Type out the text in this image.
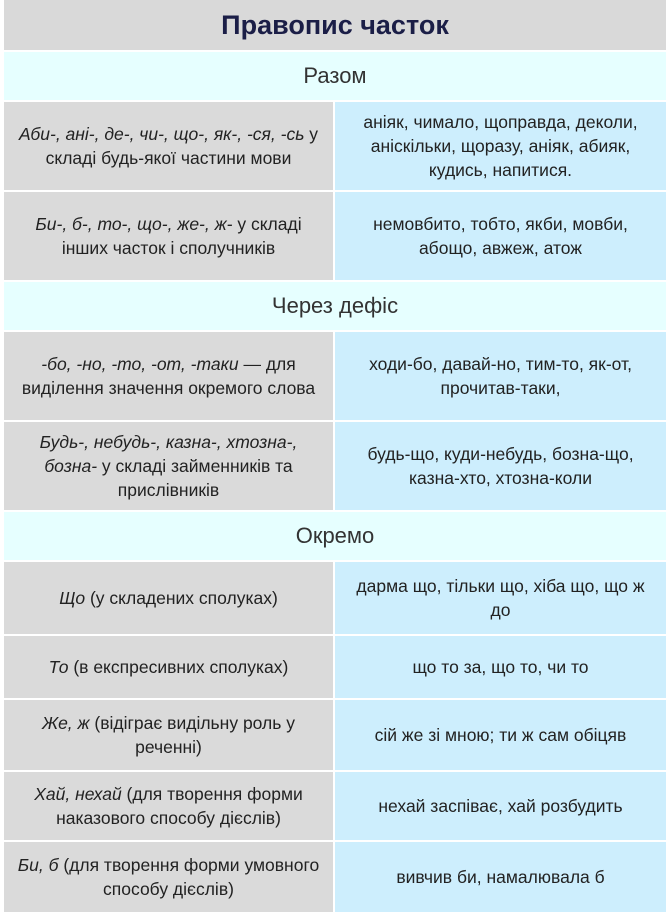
Правопис часток
Разом
Аби-, ані-, де-, чи-, що-, як-, -ся, -сь у складі будь-якої частини мови
аніяк, чимало, щоправда, деколи, аніскільки, щоразу, аніяк, абияк, кудись, напитися.
Би-, б-, то-, що-, же-, ж- у складі інших часток і сполучників
немовбито, тобто, якби, мовби, абощо, авжеж, атож
Через дефіс
-бо, -но, -то, -от, -таки — для виділення значення окремого слова
ходи-бо, давай-но, тим-то, як-от, прочитав-таки,
Будь-, небудь-, казна-, хтозна-, бозна- у складі займенників та прислівників
будь-що, куди-небудь, бозна-що, казна-хто, хтозна-коли
Окремо
Що (у складених сполуках)
дарма що, тільки що, хіба що, що ж до
То (в експресивних сполуках)	що то за, що то, чи то
Же, ж (відіграє видільну роль у реченні)
сій же зі мною; ти ж сам обіцяв
Хай, нехай (для творення форми наказового способу дієслів)
нехай заспіває, хай розбудить
Би, б (для творення форми умовного способу дієслів)
вивчив би, намалювала б
